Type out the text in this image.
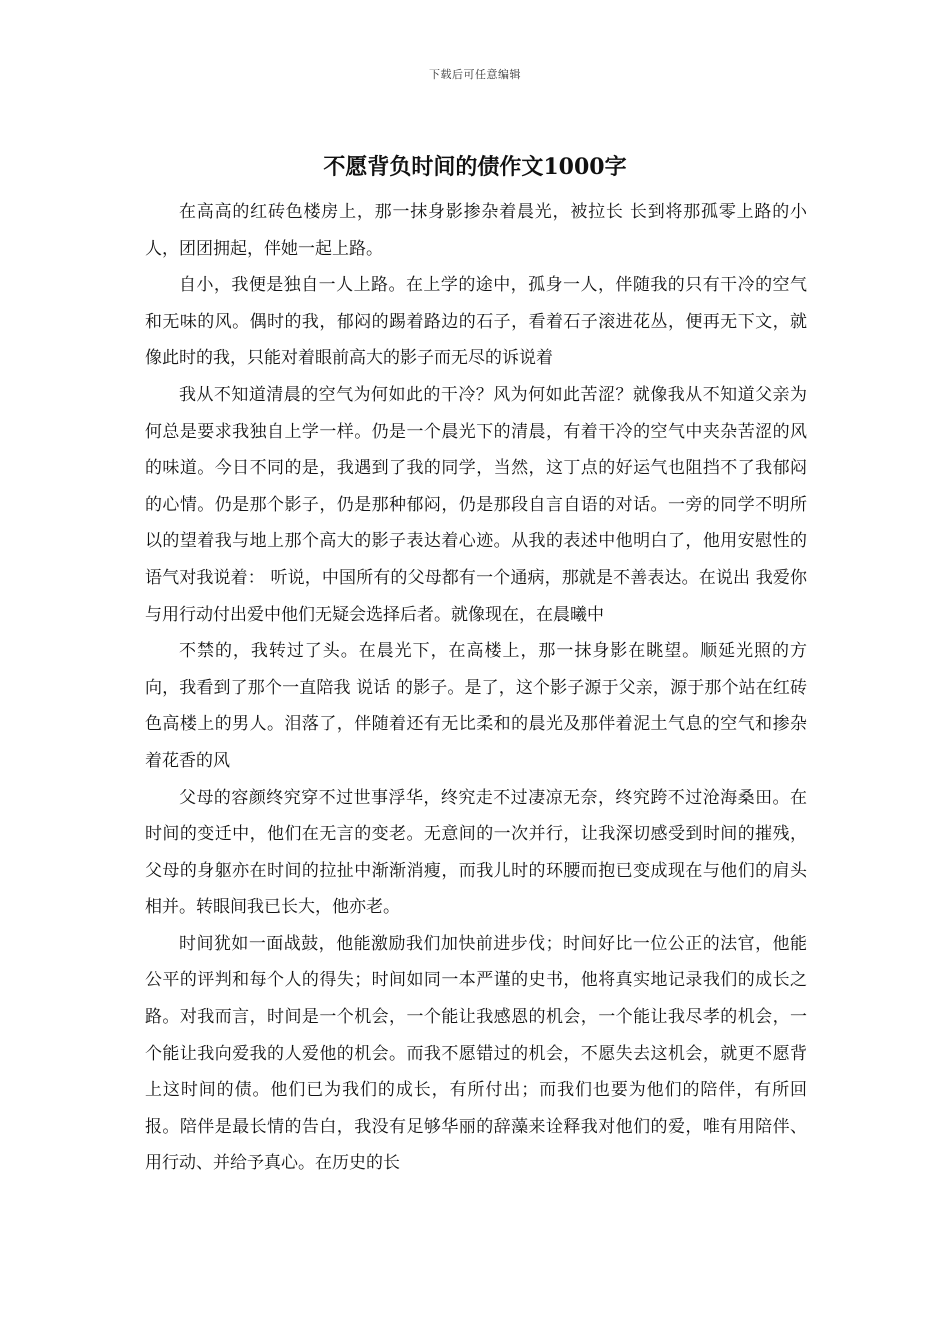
下载后可任意编辑
不愿背负时间的债作文1000字

在高高的红砖色楼房上，那一抹身影掺杂着晨光，被拉长 长到将那孤零上路的小人，团团拥起，伴她一起上路。

自小，我便是独自一人上路。在上学的途中，孤身一人，伴随我的只有干冷的空气和无味的风。偶时的我，郁闷的踢着路边的石子，看着石子滚进花丛，便再无下文，就像此时的我，只能对着眼前高大的影子而无尽的诉说着

我从不知道清晨的空气为何如此的干冷？风为何如此苦涩？就像我从不知道父亲为何总是要求我独自上学一样。仍是一个晨光下的清晨，有着干冷的空气中夹杂苦涩的风的味道。今日不同的是，我遇到了我的同学，当然，这丁点的好运气也阻挡不了我郁闷的心情。仍是那个影子，仍是那种郁闷，仍是那段自言自语的对话。一旁的同学不明所以的望着我与地上那个高大的影子表达着心迹。从我的表述中他明白了，他用安慰性的语气对我说着： 听说，中国所有的父母都有一个通病，那就是不善表达。在说出 我爱你 与用行动付出爱中他们无疑会选择后者。就像现在，在晨曦中

不禁的，我转过了头。在晨光下，在高楼上，那一抹身影在眺望。顺延光照的方向，我看到了那个一直陪我 说话 的影子。是了，这个影子源于父亲，源于那个站在红砖色高楼上的男人。泪落了，伴随着还有无比柔和的晨光及那伴着泥土气息的空气和掺杂着花香的风

父母的容颜终究穿不过世事浮华，终究走不过凄凉无奈，终究跨不过沧海桑田。在时间的变迁中，他们在无言的变老。无意间的一次并行，让我深切感受到时间的摧残，父母的身躯亦在时间的拉扯中渐渐消瘦，而我儿时的环腰而抱已变成现在与他们的肩头相并。转眼间我已长大，他亦老。

时间犹如一面战鼓，他能激励我们加快前进步伐；时间好比一位公正的法官，他能公平的评判和每个人的得失；时间如同一本严谨的史书，他将真实地记录我们的成长之路。对我而言，时间是一个机会，一个能让我感恩的机会，一个能让我尽孝的机会，一个能让我向爱我的人爱他的机会。而我不愿错过的机会，不愿失去这机会，就更不愿背上这时间的债。他们已为我们的成长，有所付出；而我们也要为他们的陪伴，有所回报。陪伴是最长情的告白，我没有足够华丽的辞藻来诠释我对他们的爱，唯有用陪伴、用行动、并给予真心。在历史的长
